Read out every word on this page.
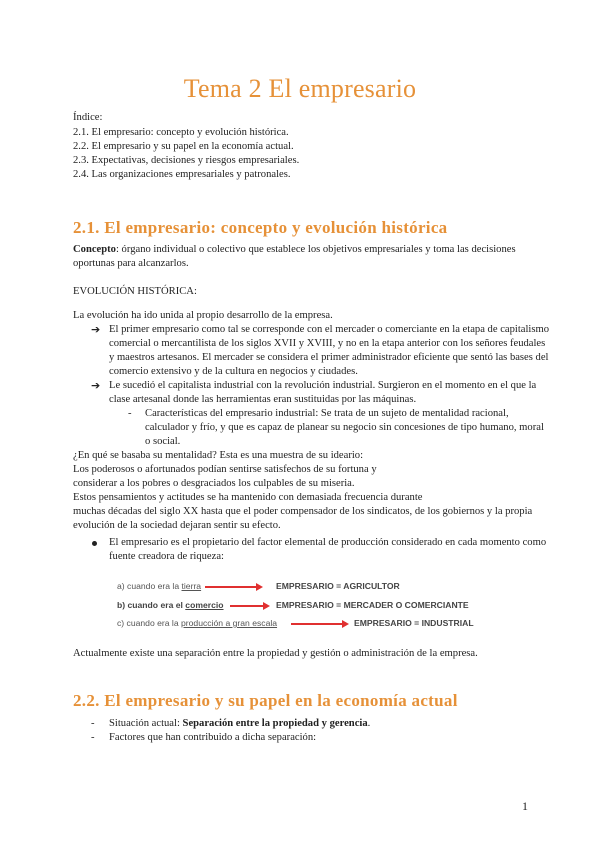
Tema 2 El empresario
Índice:
2.1. El empresario: concepto y evolución histórica.
2.2. El empresario y su papel en la economía actual.
2.3. Expectativas, decisiones y riesgos empresariales.
2.4. Las organizaciones empresariales y patronales.
2.1. El empresario: concepto y evolución histórica
Concepto: órgano individual o colectivo que establece los objetivos empresariales y toma las decisiones
oportunas para alcanzarlos.
EVOLUCIÓN HISTÓRICA:
La evolución ha ido unida al propio desarrollo de la empresa.
➔ El primer empresario como tal se corresponde con el mercader o comerciante en la etapa de capitalismo
comercial o mercantilista de los siglos XVII y XVIII, y no en la etapa anterior con los señores feudales
y maestros artesanos. El mercader se considera el primer administrador eficiente que sentó las bases del
comercio extensivo y de la cultura en negocios y ciudades.
➔ Le sucedió el capitalista industrial con la revolución industrial. Surgieron en el momento en el que la
clase artesanal donde las herramientas eran sustituidas por las máquinas.
- Características del empresario industrial: Se trata de un sujeto de mentalidad racional,
calculador y frío, y que es capaz de planear su negocio sin concesiones de tipo humano, moral
o social.
¿En qué se basaba su mentalidad? Esta es una muestra de su ideario:
Los poderosos o afortunados podían sentirse satisfechos de su fortuna y
considerar a los pobres o desgraciados los culpables de su miseria.
Estos pensamientos y actitudes se ha mantenido con demasiada frecuencia durante
muchas décadas del siglo XX hasta que el poder compensador de los sindicatos, de los gobiernos y la propia
evolución de la sociedad dejaran sentir su efecto.
El empresario es el propietario del factor elemental de producción considerado en cada momento como
fuente creadora de riqueza:
a) cuando era la tierra	EMPRESARIO = AGRICULTOR
b) cuando era el comercio	EMPRESARIO = MERCADER O COMERCIANTE
c) cuando era la producción a gran escala	EMPRESARIO = INDUSTRIAL
Actualmente existe una separación entre la propiedad y gestión o administración de la empresa.
2.2. El empresario y su papel en la economía actual
- Situación actual: Separación entre la propiedad y gerencia.
- Factores que han contribuido a dicha separación:
1
